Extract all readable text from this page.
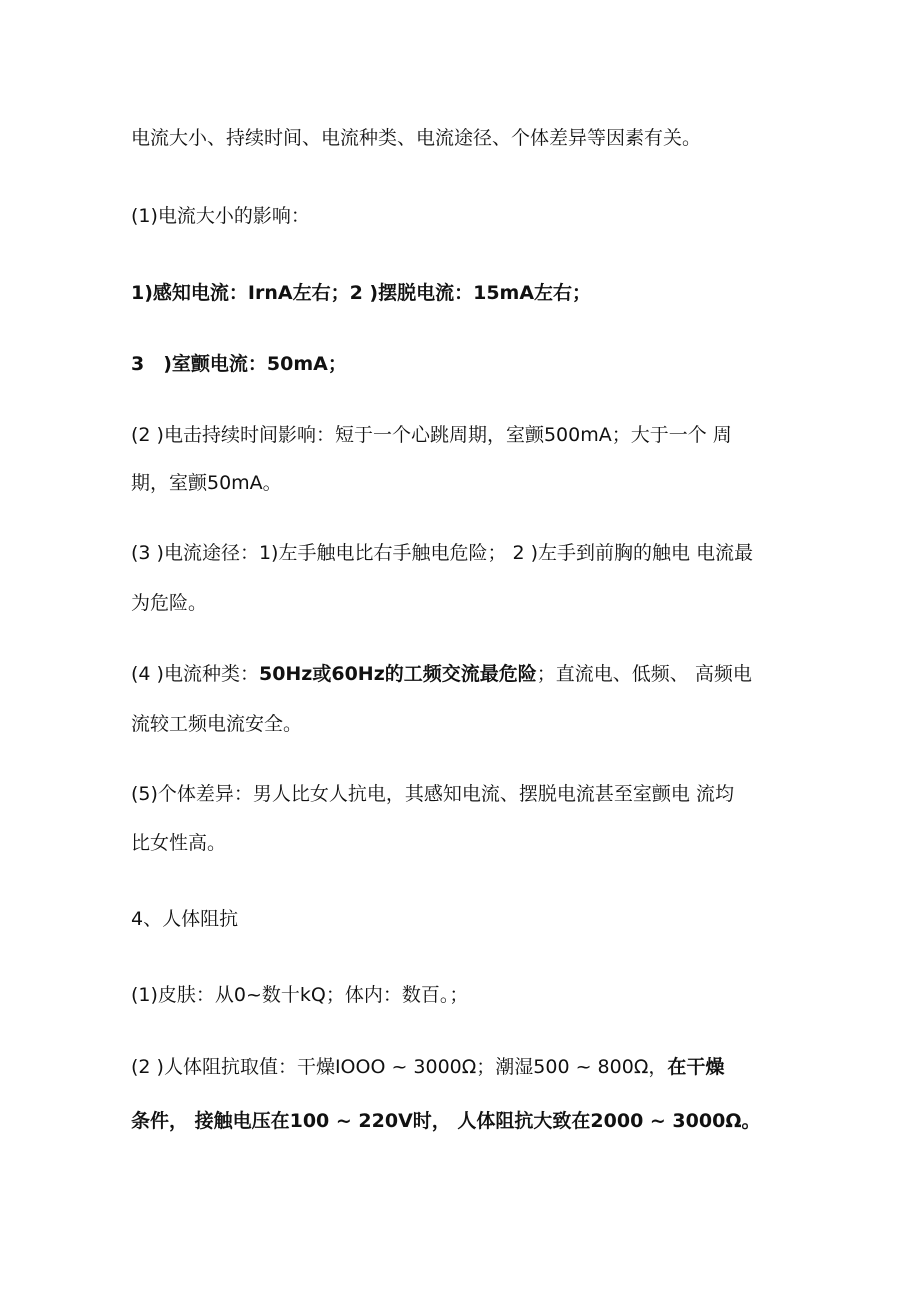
电流大小、持续时间、电流种类、电流途径、个体差异等因素有关。

(1)电流大小的影响：

1)感知电流：IrnA左右；2 )摆脱电流：15mA左右；

3　)室颤电流：50mA；

(2 )电击持续时间影响：短于一个心跳周期，室颤500mA；大于一个 周

期，室颤50mA。

(3 )电流途径：1)左手触电比右手触电危险； 2 )左手到前胸的触电 电流最

为危险。

(4 )电流种类：50Hz或60Hz的工频交流最危险；直流电、低频、 高频电

流较工频电流安全。

(5)个体差异：男人比女人抗电，其感知电流、摆脱电流甚至室颤电 流均

比女性高。

4、人体阻抗

(1)皮肤：从0~数十kQ；体内：数百。；

(2 )人体阻抗取值：干燥IOOO ~ 3000Ω；潮湿500 ~ 800Ω，在干燥

条件， 接触电压在100 ~ 220V时， 人体阻抗大致在2000 ~ 3000Ω。
